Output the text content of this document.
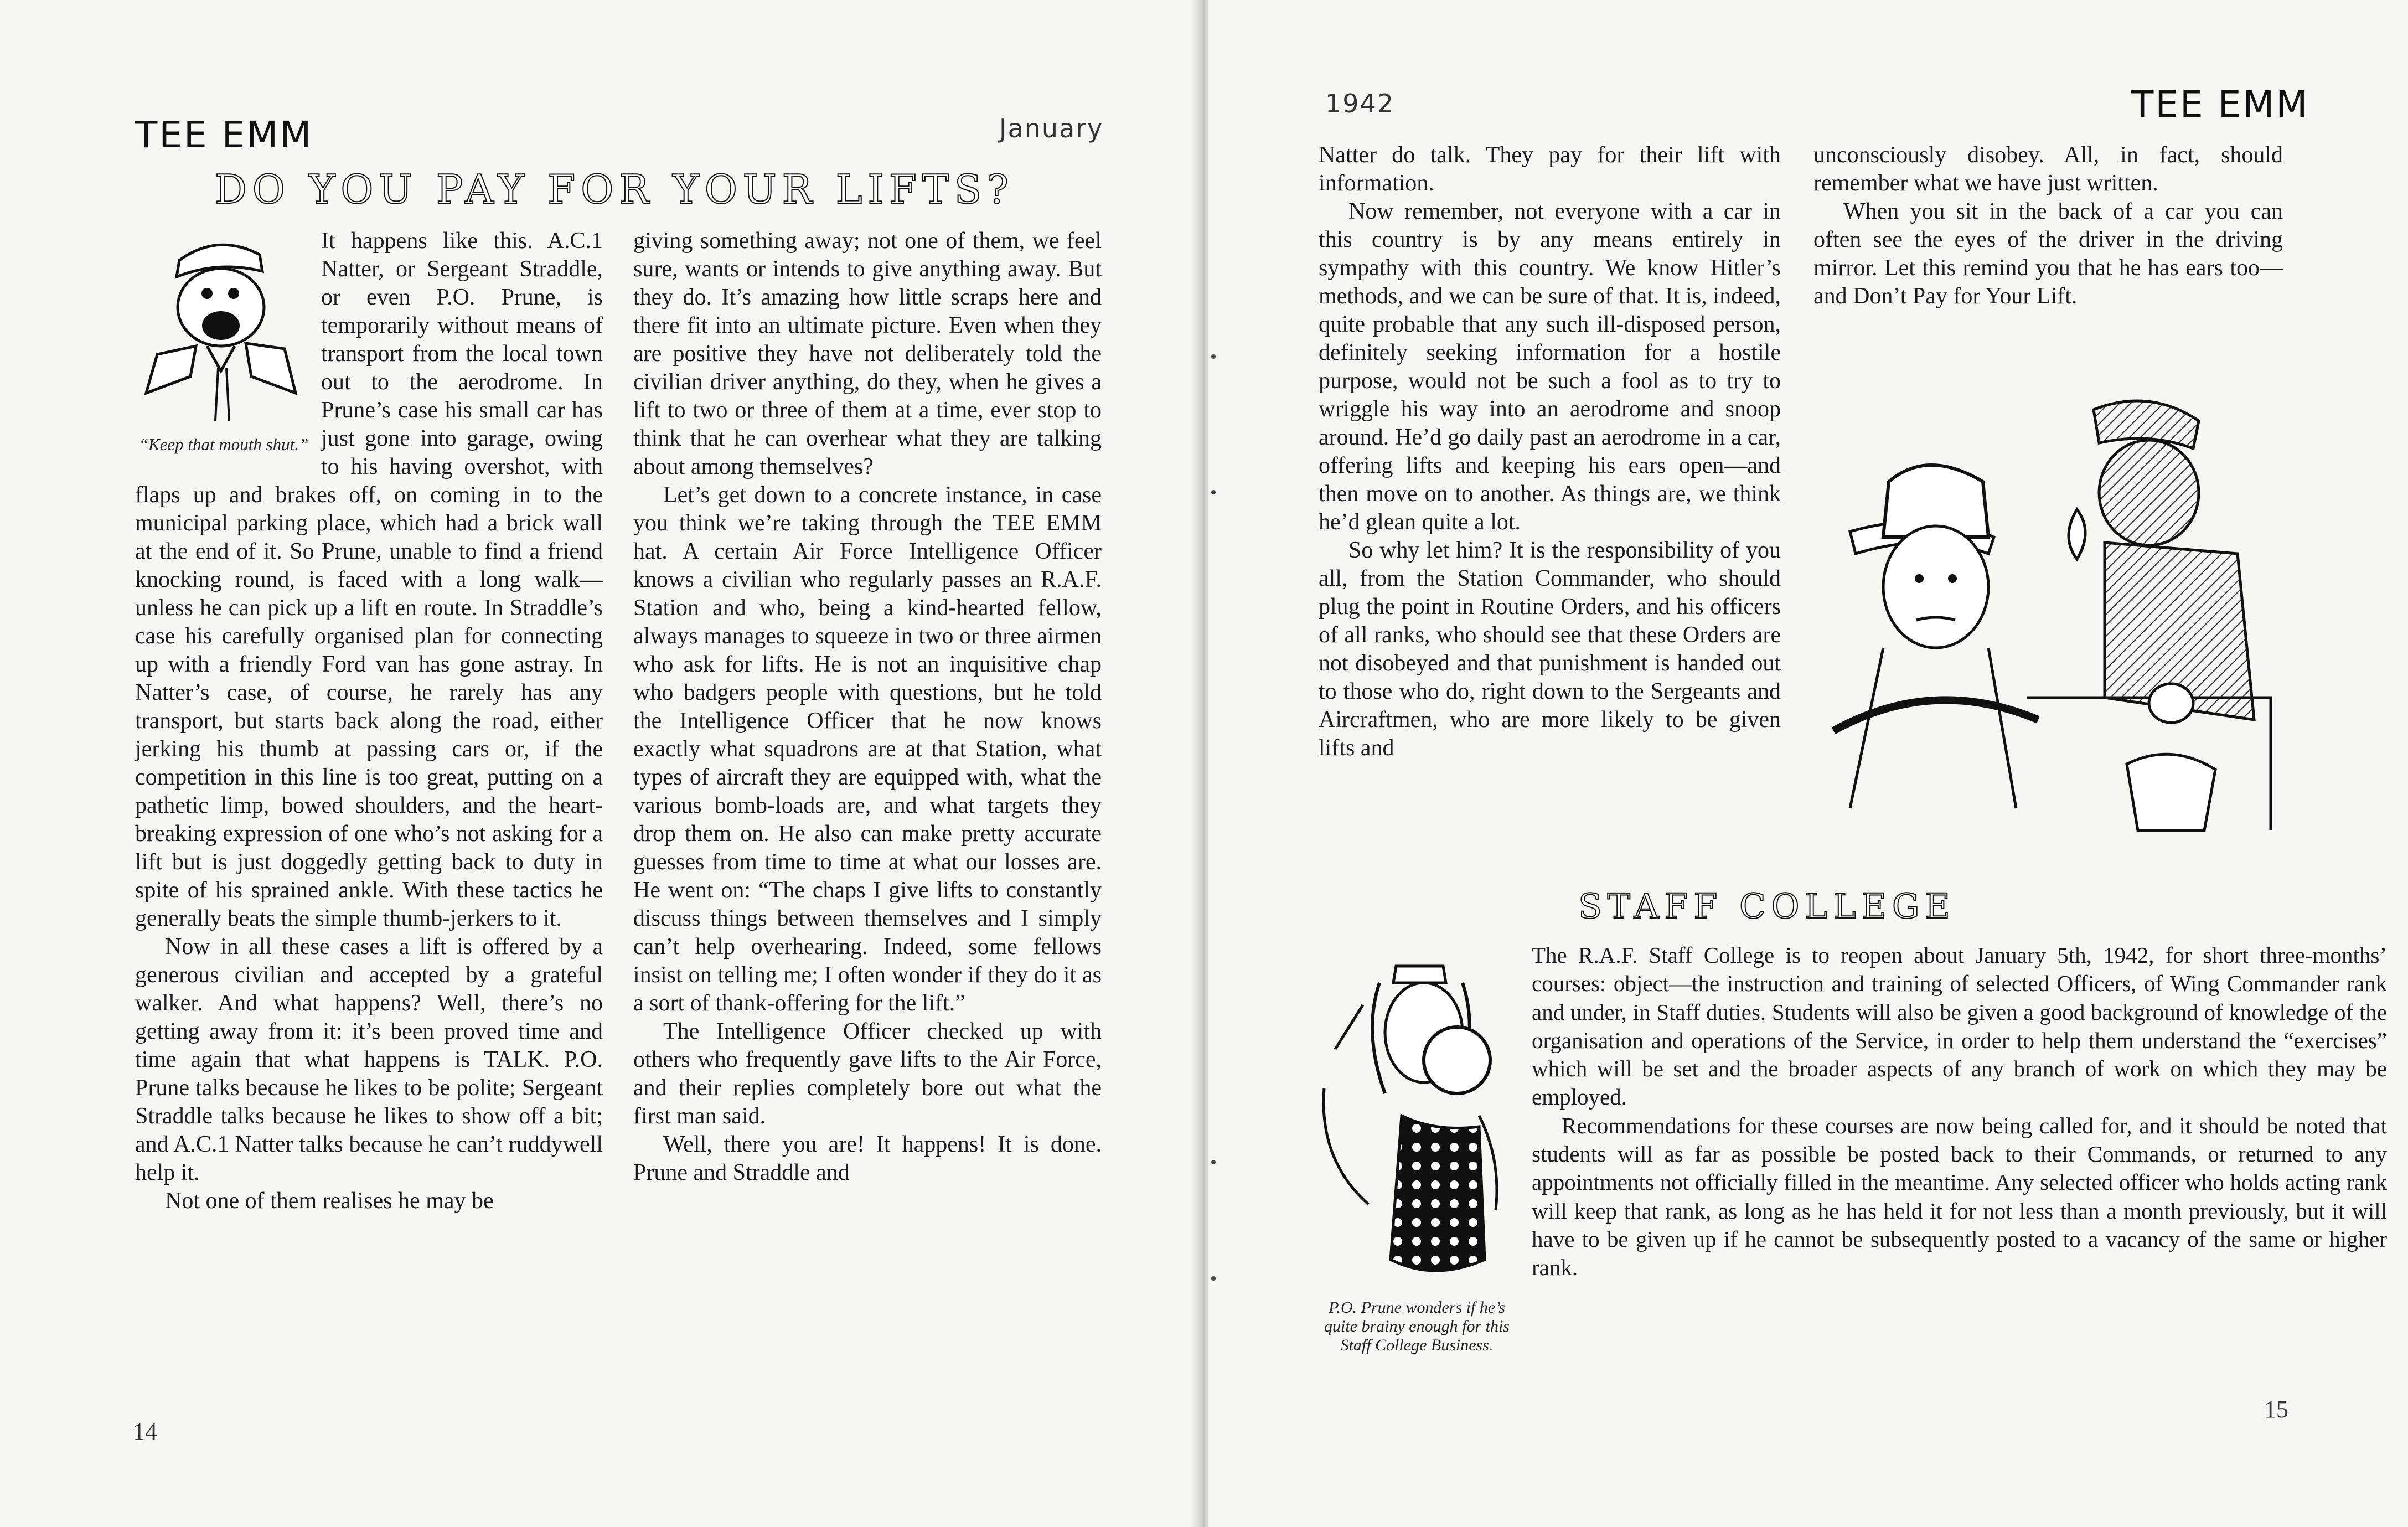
TEE EMM	January
DO YOU PAY FOR YOUR LIFTS?
“Keep that mouth shut.”

It happens like this. A.C.1 Natter, or Sergeant Straddle, or even P.O. Prune, is temporarily without means of transport from the local town out to the aerodrome. In Prune’s case his small car has just gone into garage, owing to his having overshot, with flaps up and brakes off, on coming in to the municipal parking place, which had a brick wall at the end of it. So Prune, unable to find a friend knocking round, is faced with a long walk—unless he can pick up a lift en route. In Straddle’s case his carefully organised plan for connecting up with a friendly Ford van has gone astray. In Natter’s case, of course, he rarely has any transport, but starts back along the road, either jerking his thumb at passing cars or, if the competition in this line is too great, putting on a pathetic limp, bowed shoulders, and the heart-breaking expression of one who’s not asking for a lift but is just doggedly getting back to duty in spite of his sprained ankle. With these tactics he generally beats the simple thumb-jerkers to it.

Now in all these cases a lift is offered by a generous civilian and accepted by a grateful walker. And what happens? Well, there’s no getting away from it: it’s been proved time and time again that what happens is TALK. P.O. Prune talks because he likes to be polite; Sergeant Straddle talks because he likes to show off a bit; and A.C.1 Natter talks because he can’t ruddywell help it.

Not one of them realises he may be

giving something away; not one of them, we feel sure, wants or intends to give anything away. But they do. It’s amazing how little scraps here and there fit into an ultimate picture. Even when they are positive they have not deliberately told the civilian driver anything, do they, when he gives a lift to two or three of them at a time, ever stop to think that he can overhear what they are talking about among themselves?

Let’s get down to a concrete instance, in case you think we’re taking through the TEE EMM hat. A certain Air Force Intelligence Officer knows a civilian who regularly passes an R.A.F. Station and who, being a kind-hearted fellow, always manages to squeeze in two or three airmen who ask for lifts. He is not an inquisitive chap who badgers people with questions, but he told the Intelligence Officer that he now knows exactly what squadrons are at that Station, what types of aircraft they are equipped with, what the various bomb-loads are, and what targets they drop them on. He also can make pretty accurate guesses from time to time at what our losses are. He went on: “The chaps I give lifts to constantly discuss things between themselves and I simply can’t help overhearing. Indeed, some fellows insist on telling me; I often wonder if they do it as a sort of thank-offering for the lift.”

The Intelligence Officer checked up with others who frequently gave lifts to the Air Force, and their replies completely bore out what the first man said.

Well, there you are! It happens! It is done. Prune and Straddle and

14
1942	TEE EMM

Natter do talk. They pay for their lift with information.

Now remember, not everyone with a car in this country is by any means entirely in sympathy with this country. We know Hitler’s methods, and we can be sure of that. It is, indeed, quite probable that any such ill-disposed person, definitely seeking information for a hostile purpose, would not be such a fool as to try to wriggle his way into an aerodrome and snoop around. He’d go daily past an aerodrome in a car, offering lifts and keeping his ears open—and then move on to another. As things are, we think he’d glean quite a lot.

So why let him? It is the responsibility of you all, from the Station Commander, who should plug the point in Routine Orders, and his officers of all ranks, who should see that these Orders are not disobeyed and that punishment is handed out to those who do, right down to the Sergeants and Aircraftmen, who are more likely to be given lifts and

unconsciously disobey. All, in fact, should remember what we have just written.

When you sit in the back of a car you can often see the eyes of the driver in the driving mirror. Let this remind you that he has ears too—and Don’t Pay for Your Lift.

STAFF COLLEGE
P.O. Prune wonders if he’s quite brainy enough for this Staff College Business.

The R.A.F. Staff College is to reopen about January 5th, 1942, for short three-months’ courses: object—the instruction and training of selected Officers, of Wing Commander rank and under, in Staff duties. Students will also be given a good background of knowledge of the organisation and operations of the Service, in order to help them understand the “exercises” which will be set and the broader aspects of any branch of work on which they may be employed.

Recommendations for these courses are now being called for, and it should be noted that students will as far as possible be posted back to their Commands, or returned to any appointments not officially filled in the meantime. Any selected officer who holds acting rank will keep that rank, as long as he has held it for not less than a month previously, but it will have to be given up if he cannot be subsequently posted to a vacancy of the same or higher rank.

15
